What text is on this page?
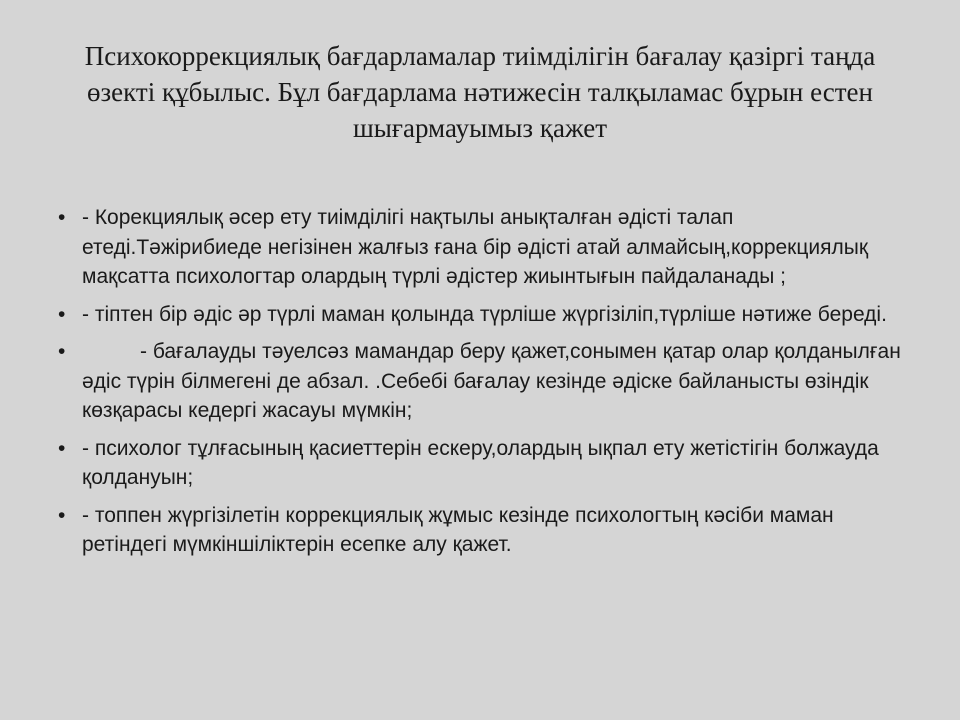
Психокоррекциялық бағдарламалар тиімділігін бағалау қазіргі таңда өзекті құбылыс. Бұл бағдарлама нәтижесін талқыламас бұрын естен шығармауымыз қажет
• - Корекциялық әсер ету тиімділігі нақтылы анықталған әдісті талап етеді.Тәжірибиеде негізінен жалғыз ғана бір әдісті атай алмайсың,коррекциялық мақсатта психологтар олардың түрлі әдістер жиынтығын пайдаланады ;
• - тіптен бір әдіс әр түрлі маман қолында түрліше жүргізіліп,түрліше нәтиже береді.
•	- бағалауды тәуелсәз мамандар беру қажет,сонымен қатар олар қолданылған әдіс түрін білмегені де абзал. .Себебі бағалау кезінде әдіске байланысты өзіндік көзқарасы кедергі жасауы мүмкін;
• - психолог тұлғасының қасиеттерін ескеру,олардың ықпал ету жетістігін болжауда қолдануын;
• - топпен жүргізілетін коррекциялық жұмыс кезінде психологтың кәсіби маман ретіндегі мүмкіншіліктерін есепке алу қажет.
